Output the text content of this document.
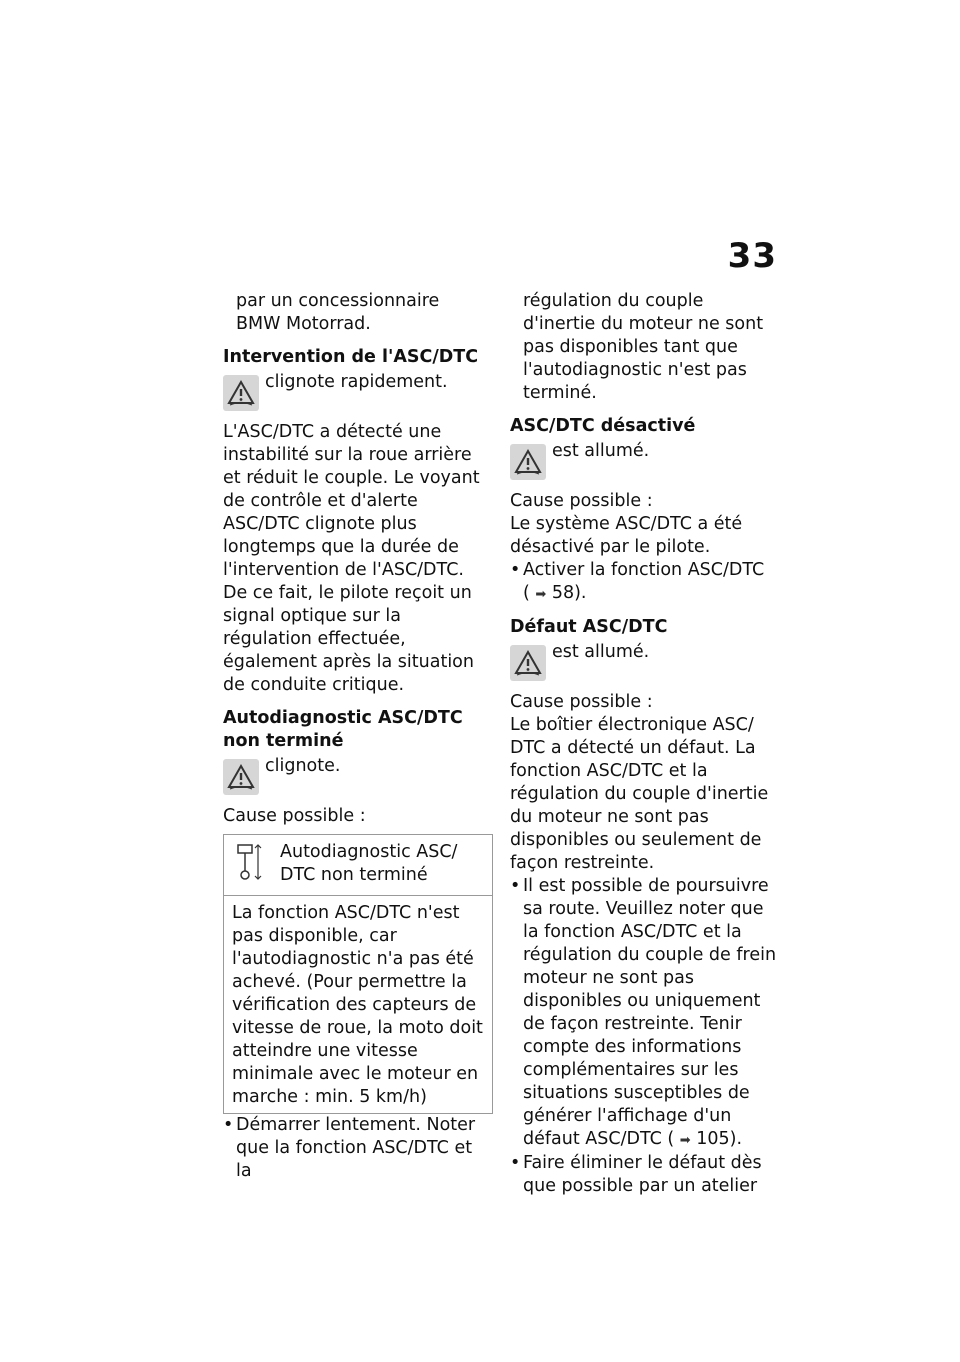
33

par un concessionnaire

BMW Motorrad.

Intervention de l'ASC/DTC

clignote rapidement.

L'ASC/DTC a détecté une instabilité sur la roue arrière et réduit le couple. Le voyant de contrôle et d'alerte ASC/DTC clignote plus longtemps que la durée de l'intervention de l'ASC/DTC. De ce fait, le pilote reçoit un signal optique sur la régulation effectuée, également après la situation de conduite critique.

Autodiagnostic ASC/DTC non terminé

clignote.

Cause possible :

Autodiagnostic ASC/ DTC non terminé
La fonction ASC/DTC n'est pas disponible, car l'autodiagnostic n'a pas été achevé. (Pour permettre la vérification des capteurs de vitesse de roue, la moto doit atteindre une vitesse minimale avec le moteur en marche : min. 5 km/h)
• Démarrer lentement. Noter que la fonction ASC/DTC et la

régulation du couple d'inertie du moteur ne sont pas disponibles tant que l'autodiagnostic n'est pas terminé.

ASC/DTC désactivé

est allumé.

Cause possible :

Le système ASC/DTC a été désactivé par le pilote.

• Activer la fonction ASC/DTC
( ➡ 58).

Défaut ASC/DTC

est allumé.

Cause possible :

Le boîtier électronique ASC/ DTC a détecté un défaut. La fonction ASC/DTC et la régulation du couple d'inertie du moteur ne sont pas disponibles ou seulement de façon restreinte.

• Il est possible de poursuivre sa route. Veuillez noter que la fonction ASC/DTC et la régulation du couple de frein moteur ne sont pas disponibles ou uniquement de façon restreinte. Tenir compte des informations complémentaires sur les situations susceptibles de générer l'affichage d'un défaut ASC/DTC ( ➡ 105).
• Faire éliminer le défaut dès que possible par un atelier
